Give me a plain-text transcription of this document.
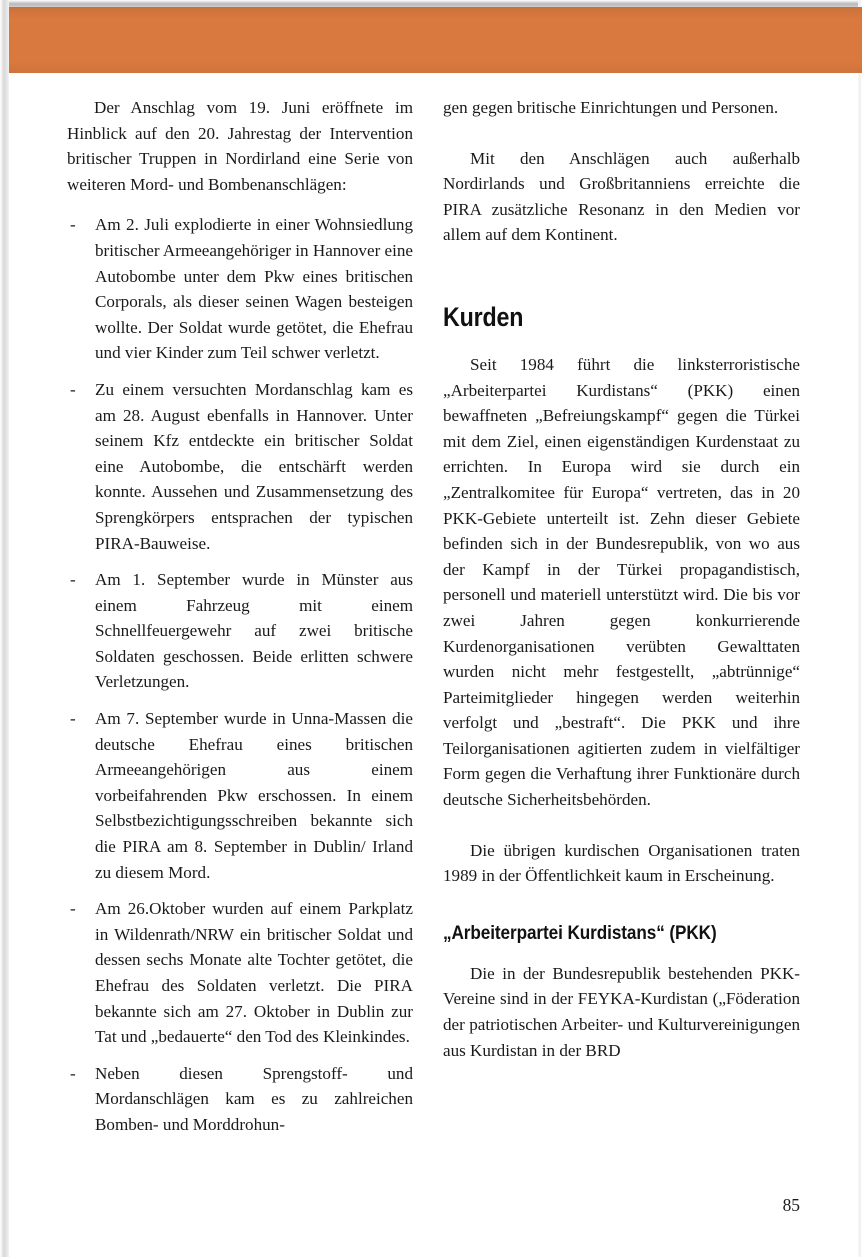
Der Anschlag vom 19. Juni eröffnete im Hinblick auf den 20. Jahrestag der Intervention britischer Truppen in Nordirland eine Serie von weiteren Mord- und Bombenanschlägen:

- Am 2. Juli explodierte in einer Wohnsiedlung britischer Armeeangehöriger in Hannover eine Autobombe unter dem Pkw eines britischen Corporals, als dieser seinen Wagen besteigen wollte. Der Soldat wurde getötet, die Ehefrau und vier Kinder zum Teil schwer verletzt.
- Zu einem versuchten Mordanschlag kam es am 28. August ebenfalls in Hannover. Unter seinem Kfz entdeckte ein britischer Soldat eine Autobombe, die entschärft werden konnte. Aussehen und Zusammensetzung des Sprengkörpers entsprachen der typischen PIRA-Bauweise.
- Am 1. September wurde in Münster aus einem Fahrzeug mit einem Schnellfeuergewehr auf zwei britische Soldaten geschossen. Beide erlitten schwere Verletzungen.
- Am 7. September wurde in Unna-Massen die deutsche Ehefrau eines britischen Armeeangehörigen aus einem vorbeifahrenden Pkw erschossen. In einem Selbstbezichtigungsschreiben bekannte sich die PIRA am 8. September in Dublin/ Irland zu diesem Mord.
- Am 26.Oktober wurden auf einem Parkplatz in Wildenrath/NRW ein britischer Soldat und dessen sechs Monate alte Tochter getötet, die Ehefrau des Soldaten verletzt. Die PIRA bekannte sich am 27. Oktober in Dublin zur Tat und „bedauerte“ den Tod des Kleinkindes.
- Neben diesen Sprengstoff- und Mordanschlägen kam es zu zahlreichen Bomben- und Morddrohun-

gen gegen britische Einrichtungen und Personen.

Mit den Anschlägen auch außerhalb Nordirlands und Großbritanniens erreichte die PIRA zusätzliche Resonanz in den Medien vor allem auf dem Kontinent.

Kurden

Seit 1984 führt die linksterroristische „Arbeiterpartei Kurdistans“ (PKK) einen bewaffneten „Befreiungskampf“ gegen die Türkei mit dem Ziel, einen eigenständigen Kurdenstaat zu errichten. In Europa wird sie durch ein „Zentralkomitee für Europa“ vertreten, das in 20 PKK-Gebiete unterteilt ist. Zehn dieser Gebiete befinden sich in der Bundesrepublik, von wo aus der Kampf in der Türkei propagandistisch, personell und materiell unterstützt wird. Die bis vor zwei Jahren gegen konkurrierende Kurdenorganisationen verübten Gewalttaten wurden nicht mehr festgestellt, „abtrünnige“ Parteimitglieder hingegen werden weiterhin verfolgt und „bestraft“. Die PKK und ihre Teilorganisationen agitierten zudem in vielfältiger Form gegen die Verhaftung ihrer Funktionäre durch deutsche Sicherheitsbehörden.

Die übrigen kurdischen Organisationen traten 1989 in der Öffentlichkeit kaum in Erscheinung.

„Arbeiterpartei Kurdistans“ (PKK)

Die in der Bundesrepublik bestehenden PKK-Vereine sind in der FEYKA-Kurdistan („Föderation der patriotischen Arbeiter- und Kulturvereinigungen aus Kurdistan in der BRD

85
